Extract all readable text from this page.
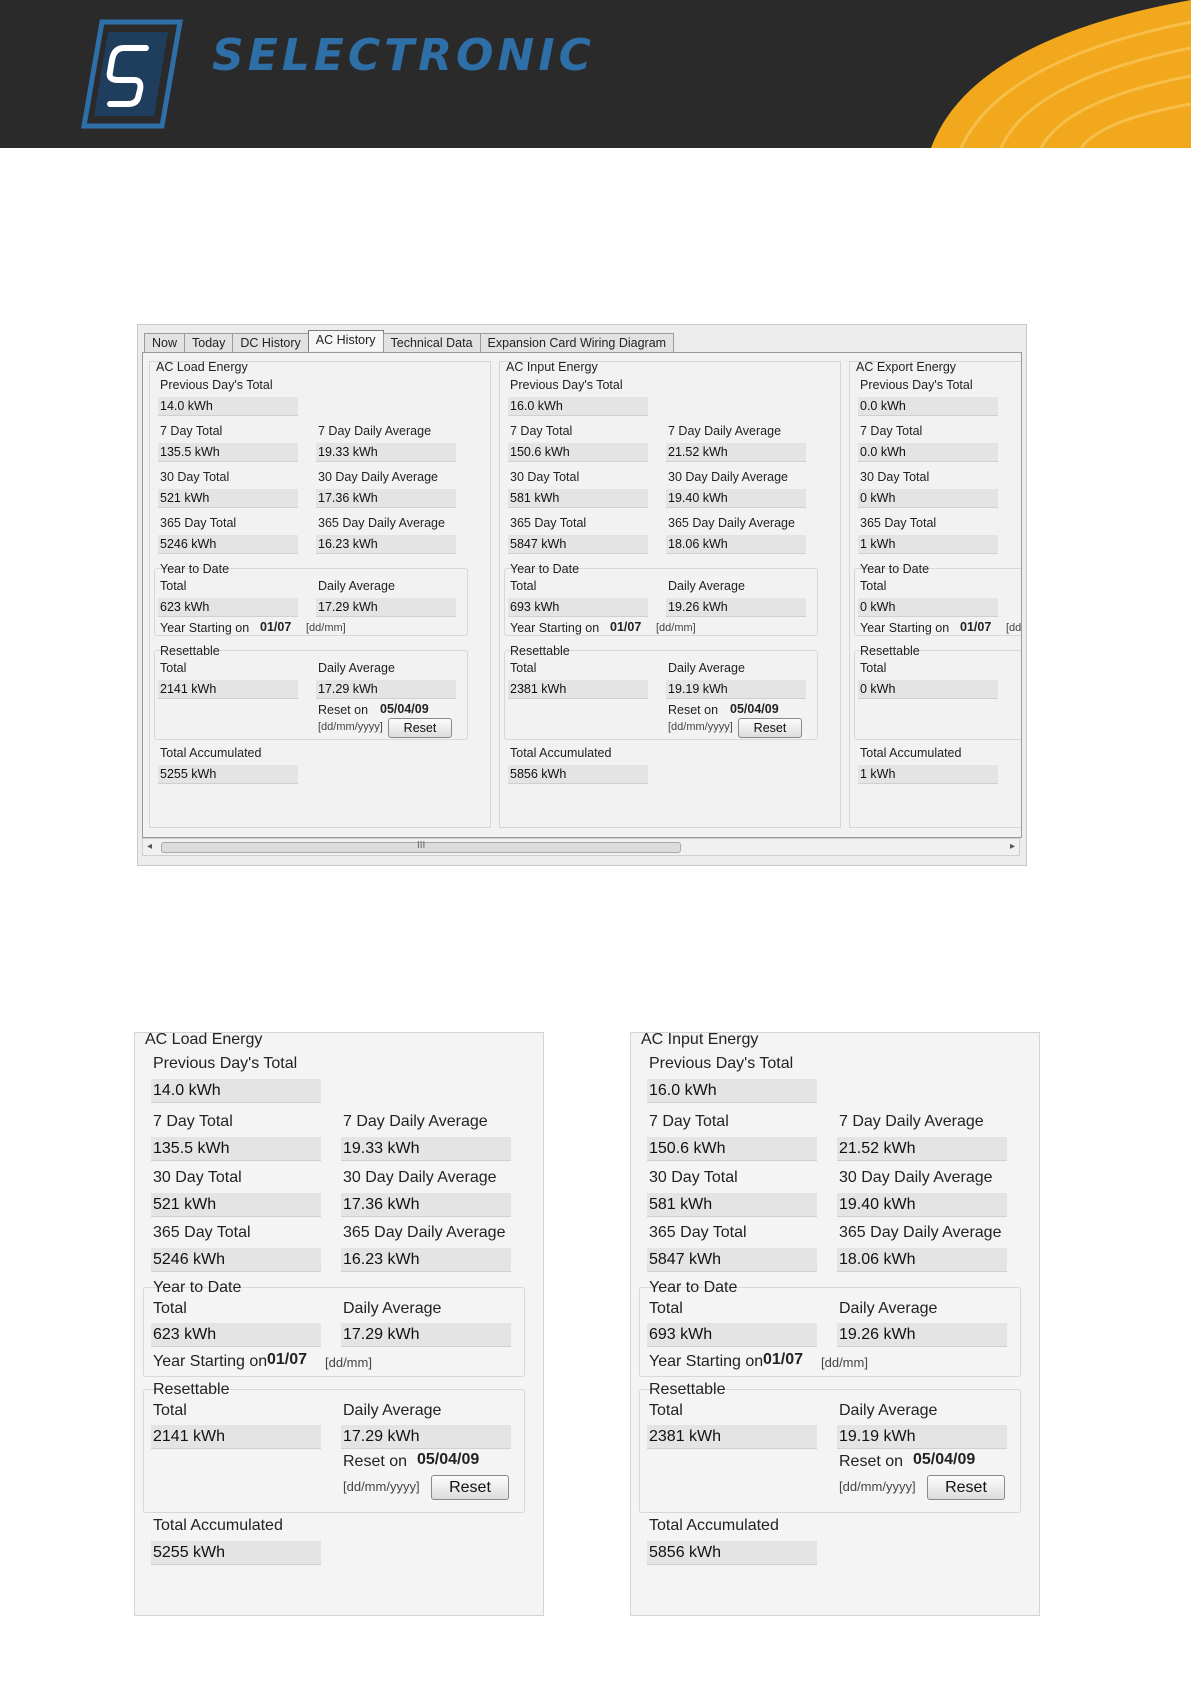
SELECTRONIC
Now	Today	DC History	AC History	Technical Data	Expansion Card Wiring Diagram
AC Load Energy
Previous Day's Total
14.0 kWh
7 Day Total	7 Day Daily Average
135.5 kWh	19.33 kWh
30 Day Total	30 Day Daily Average
521 kWh	17.36 kWh
365 Day Total	365 Day Daily Average
5246 kWh	16.23 kWh
Year to Date
Total	Daily Average
623 kWh	17.29 kWh
Year Starting on 01/07 [dd/mm]
Resettable
Total	Daily Average
2141 kWh	17.29 kWh
Reset on 05/04/09
[dd/mm/yyyy]	Reset
Total Accumulated
5255 kWh
AC Input Energy
Previous Day's Total
16.0 kWh
7 Day Total	7 Day Daily Average
150.6 kWh	21.52 kWh
30 Day Total	30 Day Daily Average
581 kWh	19.40 kWh
365 Day Total	365 Day Daily Average
5847 kWh	18.06 kWh
Year to Date
Total	Daily Average
693 kWh	19.26 kWh
Year Starting on 01/07 [dd/mm]
Resettable
Total	Daily Average
2381 kWh	19.19 kWh
Reset on 05/04/09
[dd/mm/yyyy]	Reset
Total Accumulated
5856 kWh
AC Export Energy
Previous Day's Total
0.0 kWh
7 Day Total
0.0 kWh
30 Day Total
0 kWh
365 Day Total
1 kWh
Year to Date
Total
0 kWh
Year Starting on 01/07 [dd
Resettable
Total
0 kWh
Total Accumulated
1 kWh
◂	III	▸
AC Load Energy
Previous Day's Total
14.0 kWh
7 Day Total	7 Day Daily Average
135.5 kWh	19.33 kWh
30 Day Total	30 Day Daily Average
521 kWh	17.36 kWh
365 Day Total	365 Day Daily Average
5246 kWh	16.23 kWh
Year to Date
Total	Daily Average
623 kWh	17.29 kWh
Year Starting on 01/07 [dd/mm]
Resettable
Total	Daily Average
2141 kWh	17.29 kWh
Reset on 05/04/09
[dd/mm/yyyy]	Reset
Total Accumulated
5255 kWh
AC Input Energy
Previous Day's Total
16.0 kWh
7 Day Total	7 Day Daily Average
150.6 kWh	21.52 kWh
30 Day Total	30 Day Daily Average
581 kWh	19.40 kWh
365 Day Total	365 Day Daily Average
5847 kWh	18.06 kWh
Year to Date
Total	Daily Average
693 kWh	19.26 kWh
Year Starting on 01/07 [dd/mm]
Resettable
Total	Daily Average
2381 kWh	19.19 kWh
Reset on 05/04/09
[dd/mm/yyyy]	Reset
Total Accumulated
5856 kWh
